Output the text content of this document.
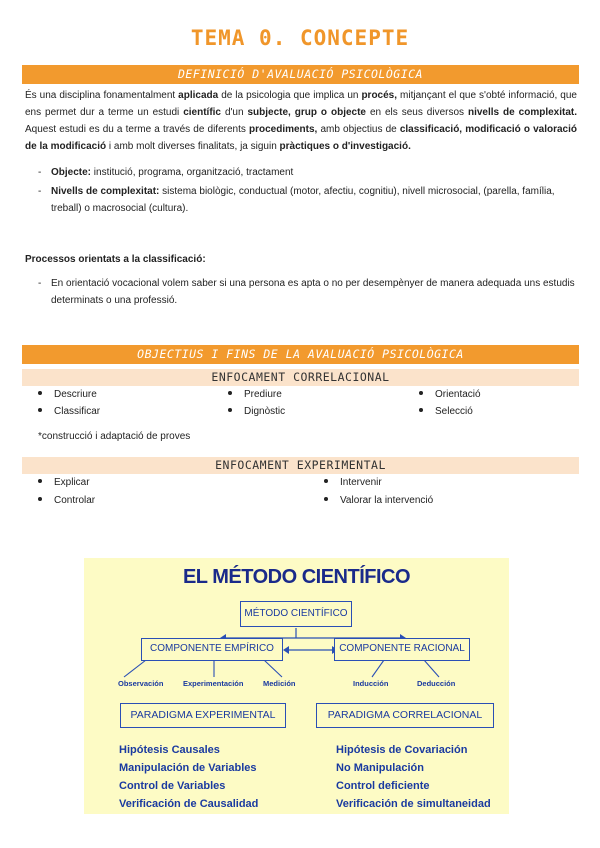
TEMA 0. CONCEPTE
DEFINICIÓ D'AVALUACIÓ PSICOLÒGICA
És una disciplina fonamentalment aplicada de la psicologia que implica un procés, mitjançant el que s'obté informació, que ens permet dur a terme un estudi científic d'un subjecte, grup o objecte en els seus diversos nivells de complexitat. Aquest estudi es du a terme a través de diferents procediments, amb objectius de classificació, modificació o valoració de la modificació i amb molt diverses finalitats, ja siguin pràctiques o d'investigació.
- Objecte: institució, programa, organització, tractament
- Nivells de complexitat: sistema biològic, conductual (motor, afectiu, cognitiu), nivell microsocial, (parella, família, treball) o macrosocial (cultura).
Processos orientats a la classificació:
- En orientació vocacional volem saber si una persona es apta o no per desempènyer de manera adequada uns estudis determinats o una professió.
OBJECTIUS I FINS DE LA AVALUACIÓ PSICOLÒGICA
ENFOCAMENT CORRELACIONAL
Descriure
Classificar
Prediure
Dignòstic
Orientació
Selecció
*construcció i adaptació de proves
ENFOCAMENT EXPERIMENTAL
Explicar
Controlar
Intervenir
Valorar la intervenció
EL MÉTODO CIENTÍFICO
MÉTODO CIENTÍFICO
COMPONENTE EMPÍRICO	COMPONENTE RACIONAL
Observación	Experimentación	Medición	Inducción	Deducción
PARADIGMA EXPERIMENTAL	PARADIGMA CORRELACIONAL
Hipótesis Causales
Manipulación de Variables
Control de Variables
Verificación de Causalidad
Hipótesis de Covariación
No Manipulación
Control deficiente
Verificación de simultaneidad
